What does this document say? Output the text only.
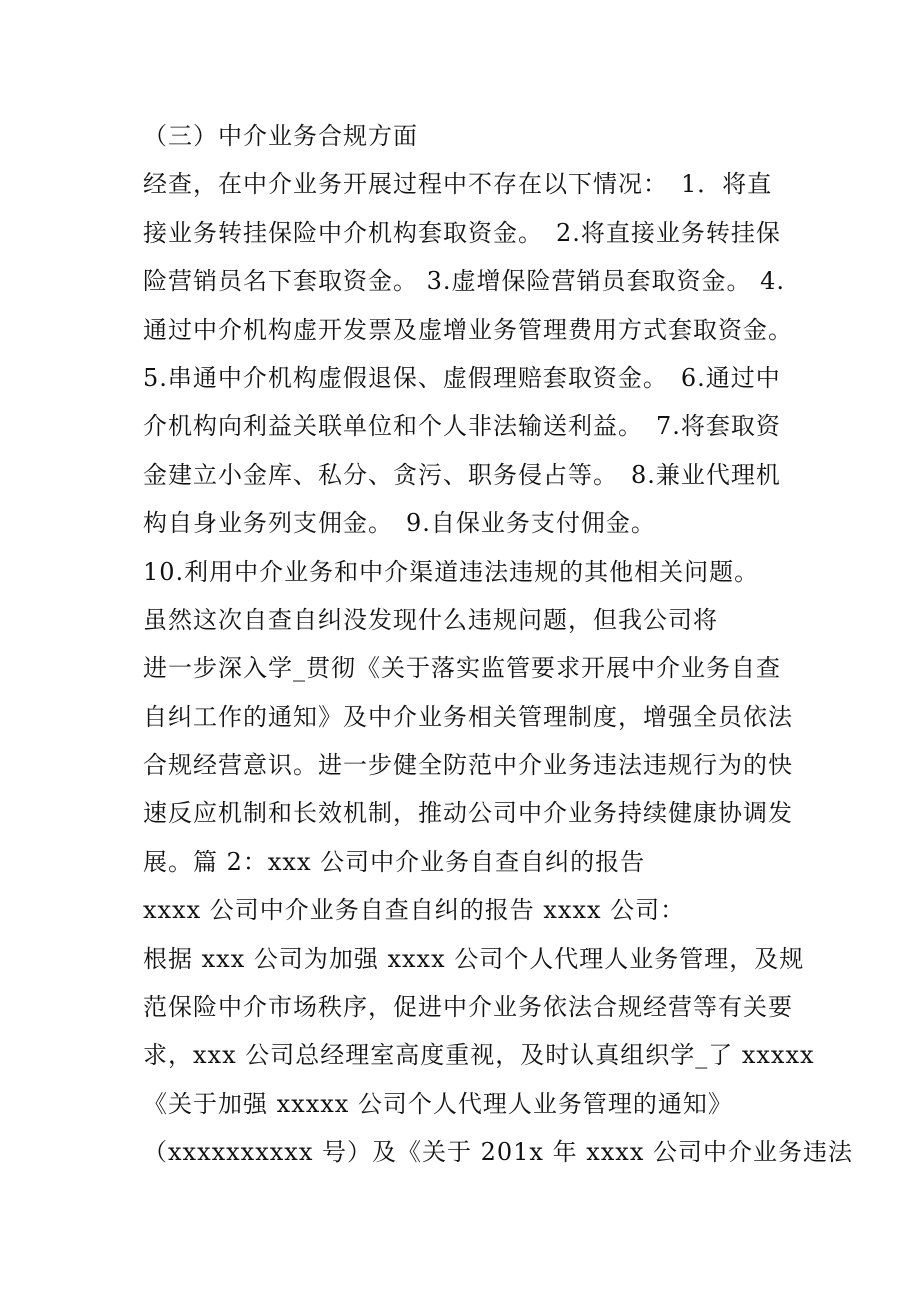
（三）中介业务合规方面
经查，在中介业务开展过程中不存在以下情况：　1．将直
接业务转挂保险中介机构套取资金。　2.将直接业务转挂保
险营销员名下套取资金。 3.虚增保险营销员套取资金。 4.
通过中介机构虚开发票及虚增业务管理费用方式套取资金。
5.串通中介机构虚假退保、虚假理赔套取资金。　6.通过中
介机构向利益关联单位和个人非法输送利益。　7.将套取资
金建立小金库、私分、贪污、职务侵占等。　8.兼业代理机
构自身业务列支佣金。　9.自保业务支付佣金。
10.利用中介业务和中介渠道违法违规的其他相关问题。
虽然这次自查自纠没发现什么违规问题，但我公司将
进一步深入学_贯彻《关于落实监管要求开展中介业务自查
自纠工作的通知》及中介业务相关管理制度，增强全员依法
合规经营意识。进一步健全防范中介业务违法违规行为的快
速反应机制和长效机制，推动公司中介业务持续健康协调发
展。篇 2：xxx 公司中介业务自查自纠的报告
xxxx 公司中介业务自查自纠的报告 xxxx 公司：
根据 xxx 公司为加强 xxxx 公司个人代理人业务管理，及规
范保险中介市场秩序，促进中介业务依法合规经营等有关要
求，xxx 公司总经理室高度重视，及时认真组织学_了 xxxxx
《关于加强 xxxxx 公司个人代理人业务管理的通知》
（xxxxxxxxxx 号）及《关于 201x 年 xxxx 公司中介业务违法
